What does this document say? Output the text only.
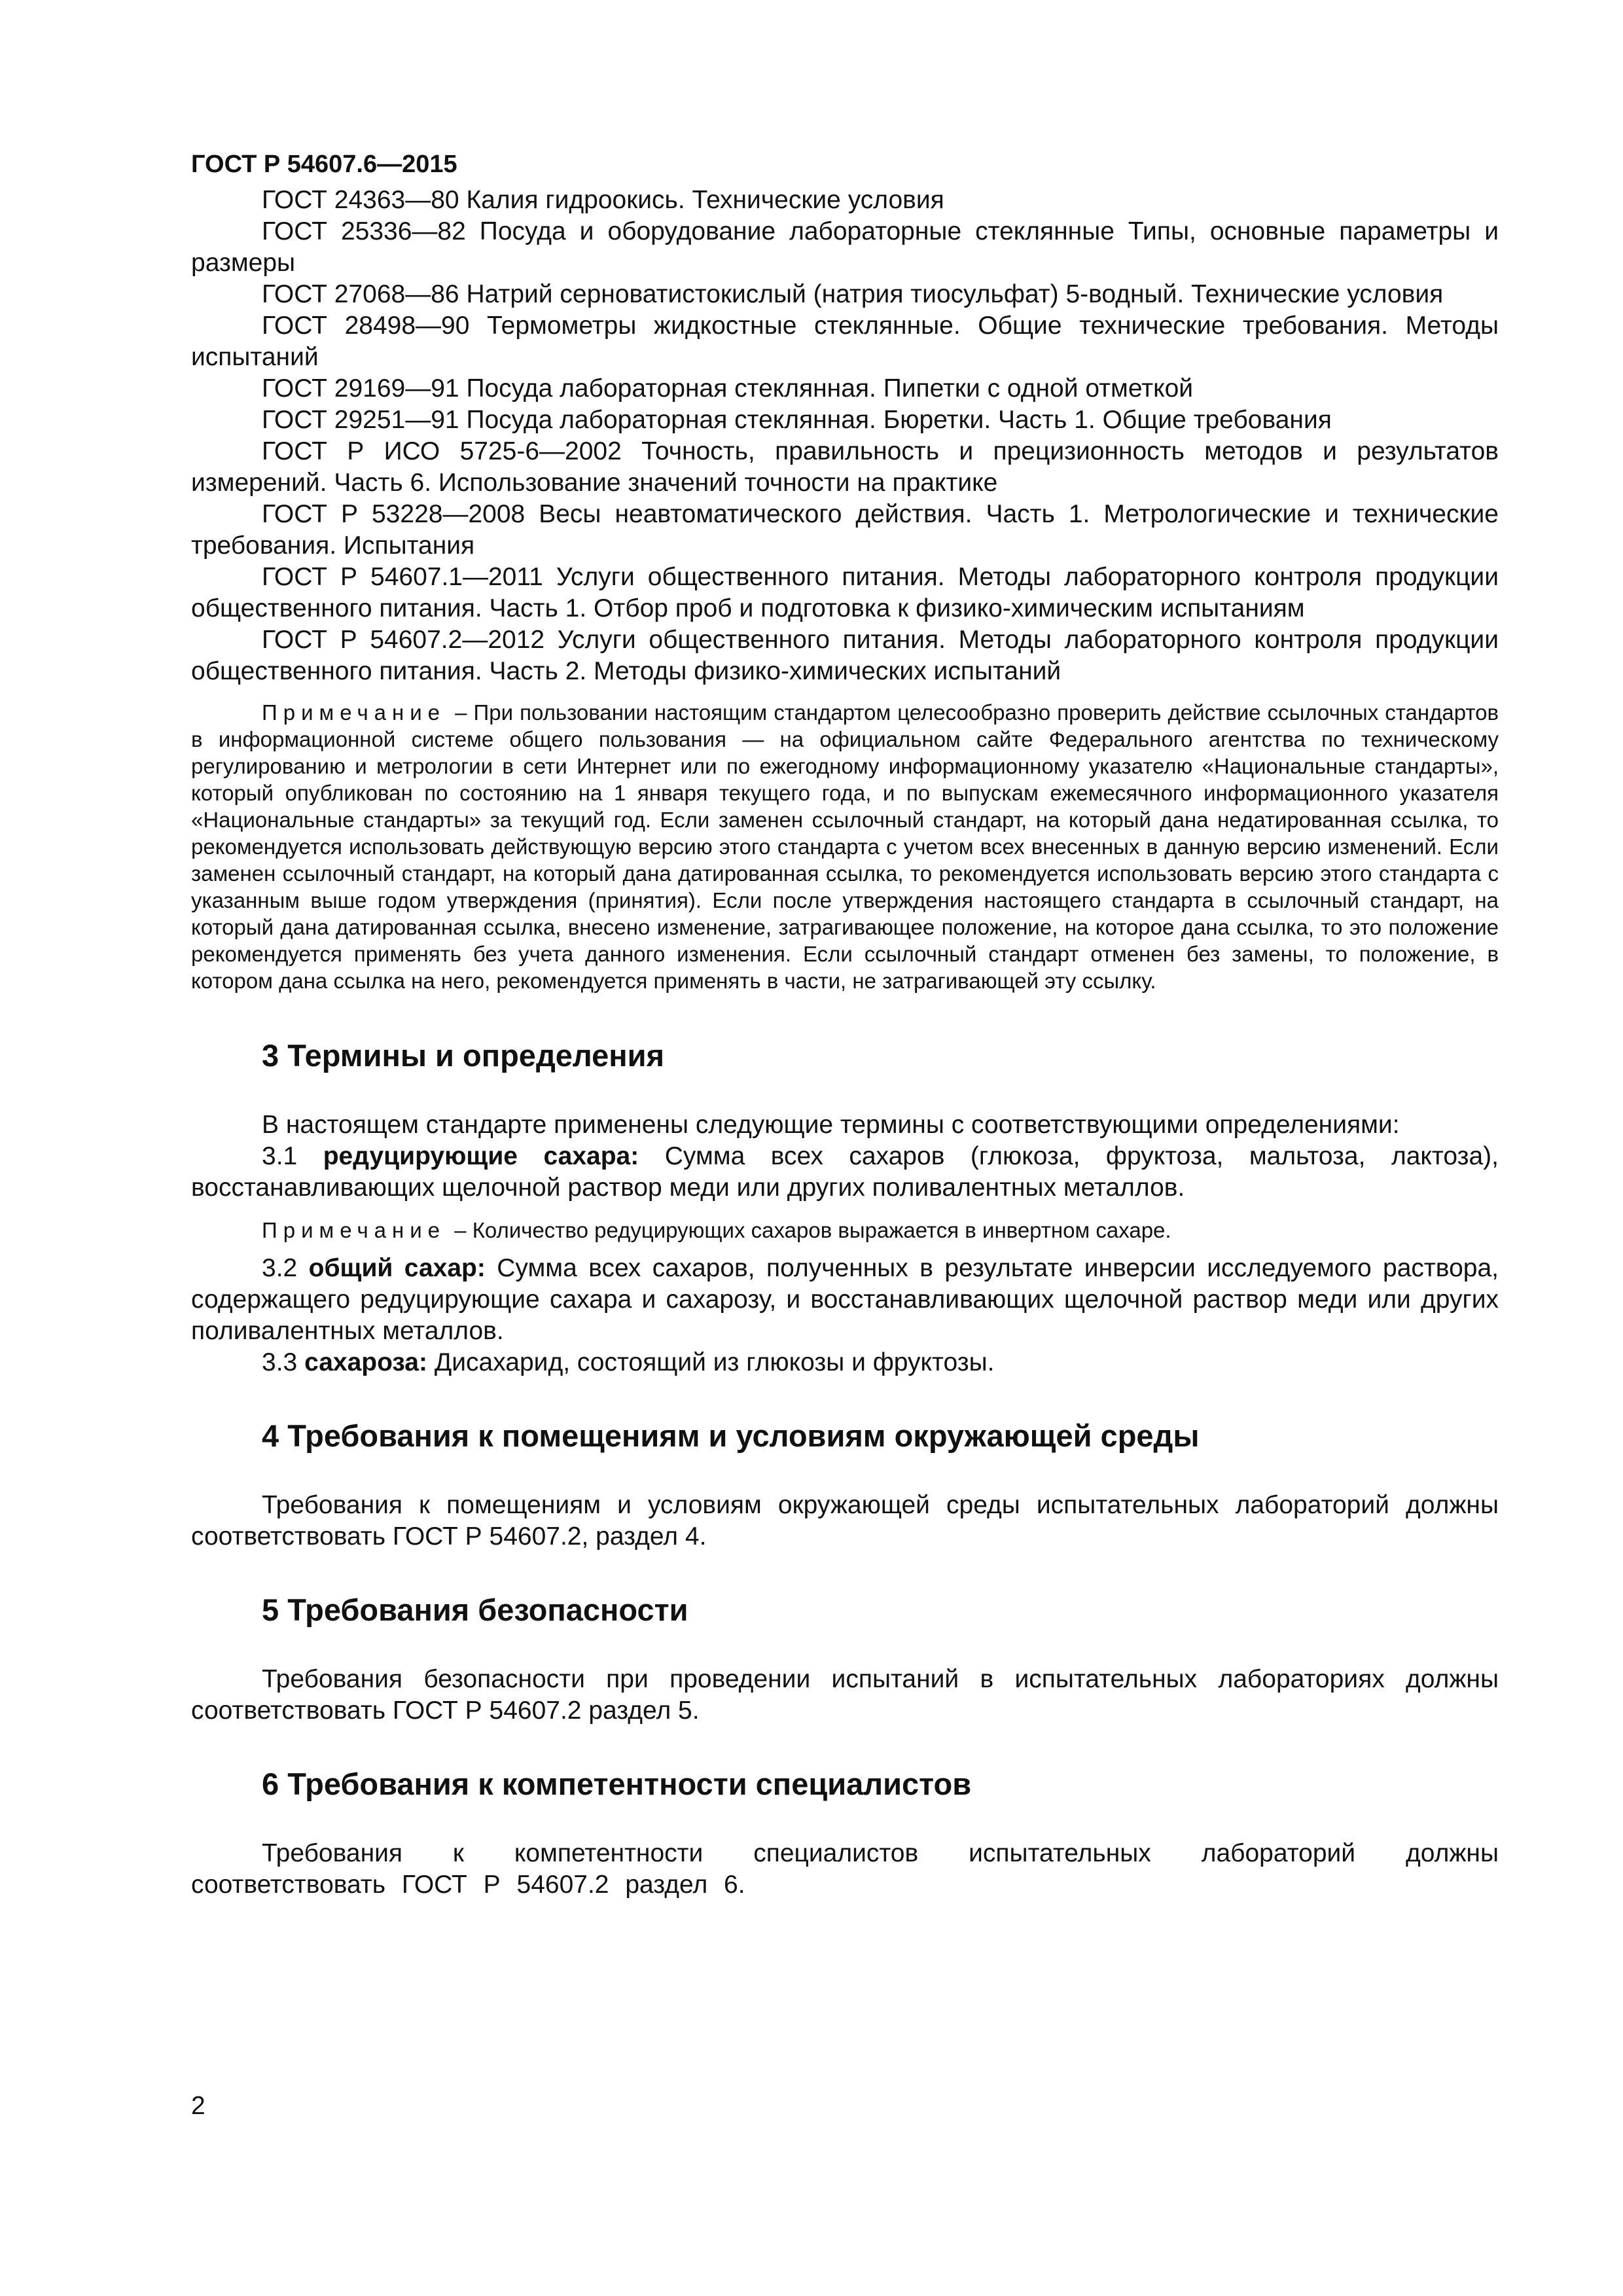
ГОСТ Р 54607.6—2015

ГОСТ 24363—80 Калия гидроокись. Технические условия

ГОСТ 25336—82 Посуда и оборудование лабораторные стеклянные Типы, основные параметры и размеры

ГОСТ 27068—86 Натрий серноватистокислый (натрия тиосульфат) 5-водный. Технические условия

ГОСТ 28498—90 Термометры жидкостные стеклянные. Общие технические требования. Методы испытаний

ГОСТ 29169—91 Посуда лабораторная стеклянная. Пипетки с одной отметкой

ГОСТ 29251—91 Посуда лабораторная стеклянная. Бюретки. Часть 1. Общие требования

ГОСТ Р ИСО 5725-6—2002 Точность, правильность и прецизионность методов и результатов измерений. Часть 6. Использование значений точности на практике

ГОСТ Р 53228—2008 Весы неавтоматического действия. Часть 1. Метрологические и технические требования. Испытания

ГОСТ Р 54607.1—2011 Услуги общественного питания. Методы лабораторного контроля продукции общественного питания. Часть 1. Отбор проб и подготовка к физико-химическим испытаниям

ГОСТ Р 54607.2—2012 Услуги общественного питания. Методы лабораторного контроля продукции общественного питания. Часть 2. Методы физико-химических испытаний

Примечание – При пользовании настоящим стандартом целесообразно проверить действие ссылочных стандартов в информационной системе общего пользования — на официальном сайте Федерального агентства по техническому регулированию и метрологии в сети Интернет или по ежегодному информационному указателю «Национальные стандарты», который опубликован по состоянию на 1 января текущего года, и по выпускам ежемесячного информационного указателя «Национальные стандарты» за текущий год. Если заменен ссылочный стандарт, на который дана недатированная ссылка, то рекомендуется использовать действующую версию этого стандарта с учетом всех внесенных в данную версию изменений. Если заменен ссылочный стандарт, на который дана датированная ссылка, то рекомендуется использовать версию этого стандарта с указанным выше годом утверждения (принятия). Если после утверждения настоящего стандарта в ссылочный стандарт, на который дана датированная ссылка, внесено изменение, затрагивающее положение, на которое дана ссылка, то это положение рекомендуется применять без учета данного изменения. Если ссылочный стандарт отменен без замены, то положение, в котором дана ссылка на него, рекомендуется применять в части, не затрагивающей эту ссылку.

3 Термины и определения

В настоящем стандарте применены следующие термины с соответствующими определениями:

3.1 редуцирующие сахара: Сумма всех сахаров (глюкоза, фруктоза, мальтоза, лактоза), восстанавливающих щелочной раствор меди или других поливалентных металлов.

Примечание – Количество редуцирующих сахаров выражается в инвертном сахаре.

3.2 общий сахар: Сумма всех сахаров, полученных в результате инверсии исследуемого раствора, содержащего редуцирующие сахара и сахарозу, и восстанавливающих щелочной раствор меди или других поливалентных металлов.

3.3 сахароза: Дисахарид, состоящий из глюкозы и фруктозы.

4 Требования к помещениям и условиям окружающей среды

Требования к помещениям и условиям окружающей среды испытательных лабораторий должны соответствовать ГОСТ Р 54607.2, раздел 4.

5 Требования безопасности

Требования безопасности при проведении испытаний в испытательных лабораториях должны соответствовать ГОСТ Р 54607.2 раздел 5.

6 Требования к компетентности специалистов

Требования к компетентности специалистов испытательных лабораторий должны соответствовать ГОСТ Р 54607.2 раздел 6.

2
